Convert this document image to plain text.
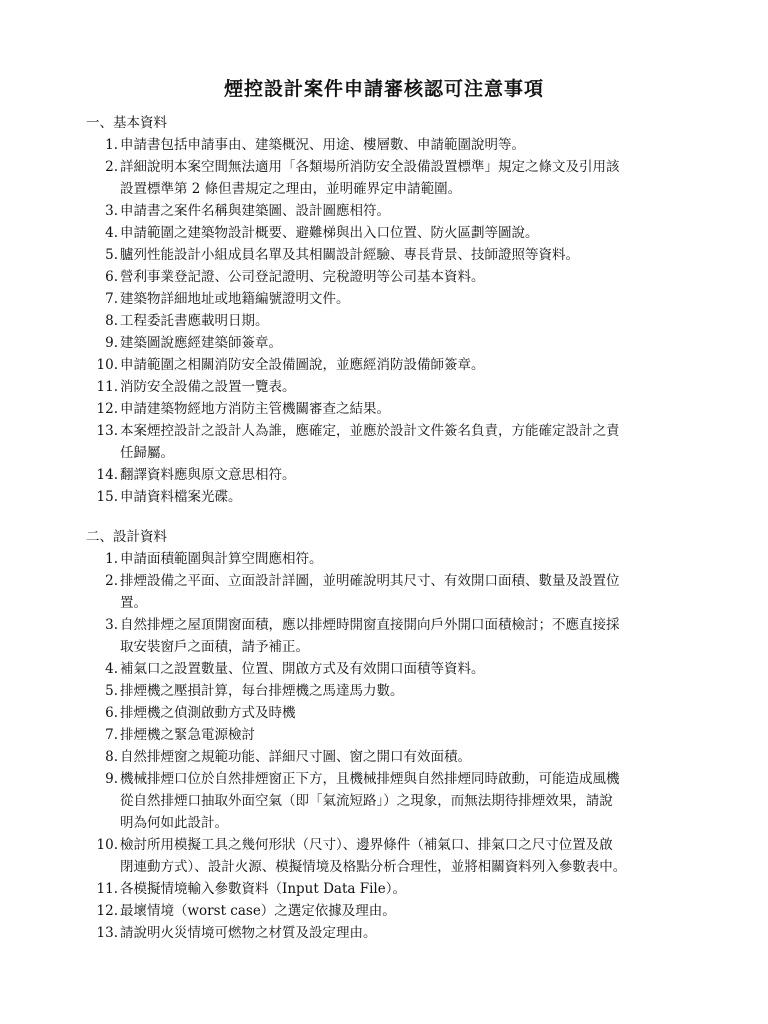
煙控設計案件申請審核認可注意事項
一、基本資料
1. 申請書包括申請事由、建築概況、用途、樓層數、申請範圍說明等。
2. 詳細說明本案空間無法適用「各類場所消防安全設備設置標準」規定之條文及引用該
設置標準第 2 條但書規定之理由，並明確界定申請範圍。
3. 申請書之案件名稱與建築圖、設計圖應相符。
4. 申請範圍之建築物設計概要、避難梯與出入口位置、防火區劃等圖說。
5. 臚列性能設計小組成員名單及其相關設計經驗、專長背景、技師證照等資料。
6. 營利事業登記證、公司登記證明、完稅證明等公司基本資料。
7. 建築物詳細地址或地籍編號證明文件。
8. 工程委託書應載明日期。
9. 建築圖說應經建築師簽章。
10. 申請範圍之相關消防安全設備圖說，並應經消防設備師簽章。
11. 消防安全設備之設置一覽表。
12. 申請建築物經地方消防主管機關審查之結果。
13. 本案煙控設計之設計人為誰，應確定，並應於設計文件簽名負責，方能確定設計之責
任歸屬。
14. 翻譯資料應與原文意思相符。
15. 申請資料檔案光碟。
二、設計資料
1. 申請面積範圍與計算空間應相符。
2. 排煙設備之平面、立面設計詳圖，並明確說明其尺寸、有效開口面積、數量及設置位
置。
3. 自然排煙之屋頂開窗面積，應以排煙時開窗直接開向戶外開口面積檢討；不應直接採
取安裝窗戶之面積，請予補正。
4. 補氣口之設置數量、位置、開啟方式及有效開口面積等資料。
5. 排煙機之壓損計算，每台排煙機之馬達馬力數。
6. 排煙機之偵測啟動方式及時機
7. 排煙機之緊急電源檢討
8. 自然排煙窗之規範功能、詳細尺寸圖、窗之開口有效面積。
9. 機械排煙口位於自然排煙窗正下方，且機械排煙與自然排煙同時啟動，可能造成風機
從自然排煙口抽取外面空氣（即「氣流短路」）之現象，而無法期待排煙效果，請說
明為何如此設計。
10. 檢討所用模擬工具之幾何形狀（尺寸）、邊界條件（補氣口、排氣口之尺寸位置及啟
閉連動方式）、設計火源、模擬情境及格點分析合理性，並將相關資料列入參數表中。
11. 各模擬情境輸入參數資料（Input Data File）。
12. 最壞情境（worst case）之選定依據及理由。
13. 請說明火災情境可燃物之材質及設定理由。
